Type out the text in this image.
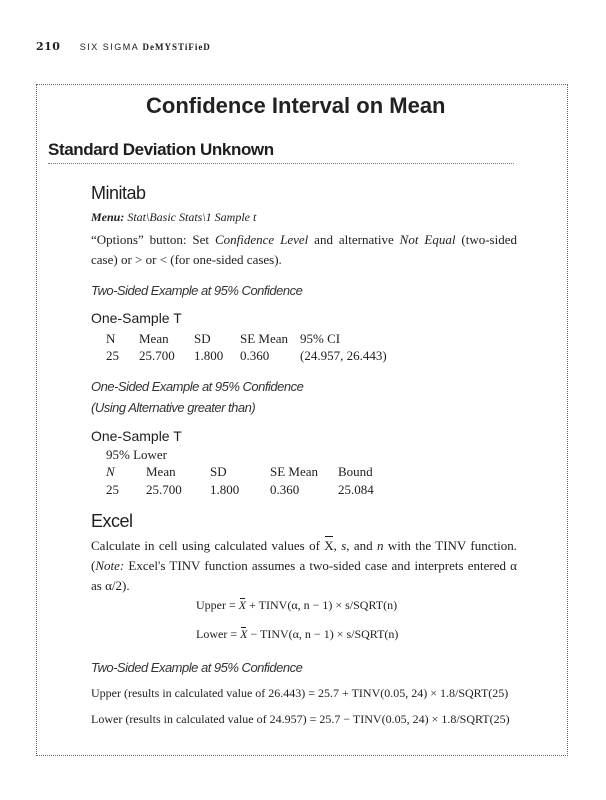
210 SIX SIGMA DeMYSTiFieD
Confidence Interval on Mean
Standard Deviation Unknown
Minitab
Menu: Stat\Basic Stats\1 Sample t
“Options” button: Set Confidence Level and alternative Not Equal (two-sided case) or > or < (for one-sided cases).
Two-Sided Example at 95% Confidence
One-Sample T
N Mean SD SE Mean 95% CI
25 25.700 1.800 0.360 (24.957, 26.443)
One-Sided Example at 95% Confidence
(Using Alternative greater than)
One-Sample T
95% Lower
N Mean	SD	SE Mean Bound
25 25.700 1.800 0.360	25.084
Excel
Calculate in cell using calculated values of X, s, and n with the TINV function. (Note: Excel's TINV function assumes a two-sided case and interprets entered α as α/2).
Upper = X + TINV(α, n − 1) × s/SQRT(n)
Lower = X − TINV(α, n − 1) × s/SQRT(n)
Two-Sided Example at 95% Confidence
Upper (results in calculated value of 26.443) = 25.7 + TINV(0.05, 24) × 1.8/SQRT(25)
Lower (results in calculated value of 24.957) = 25.7 − TINV(0.05, 24) × 1.8/SQRT(25)
